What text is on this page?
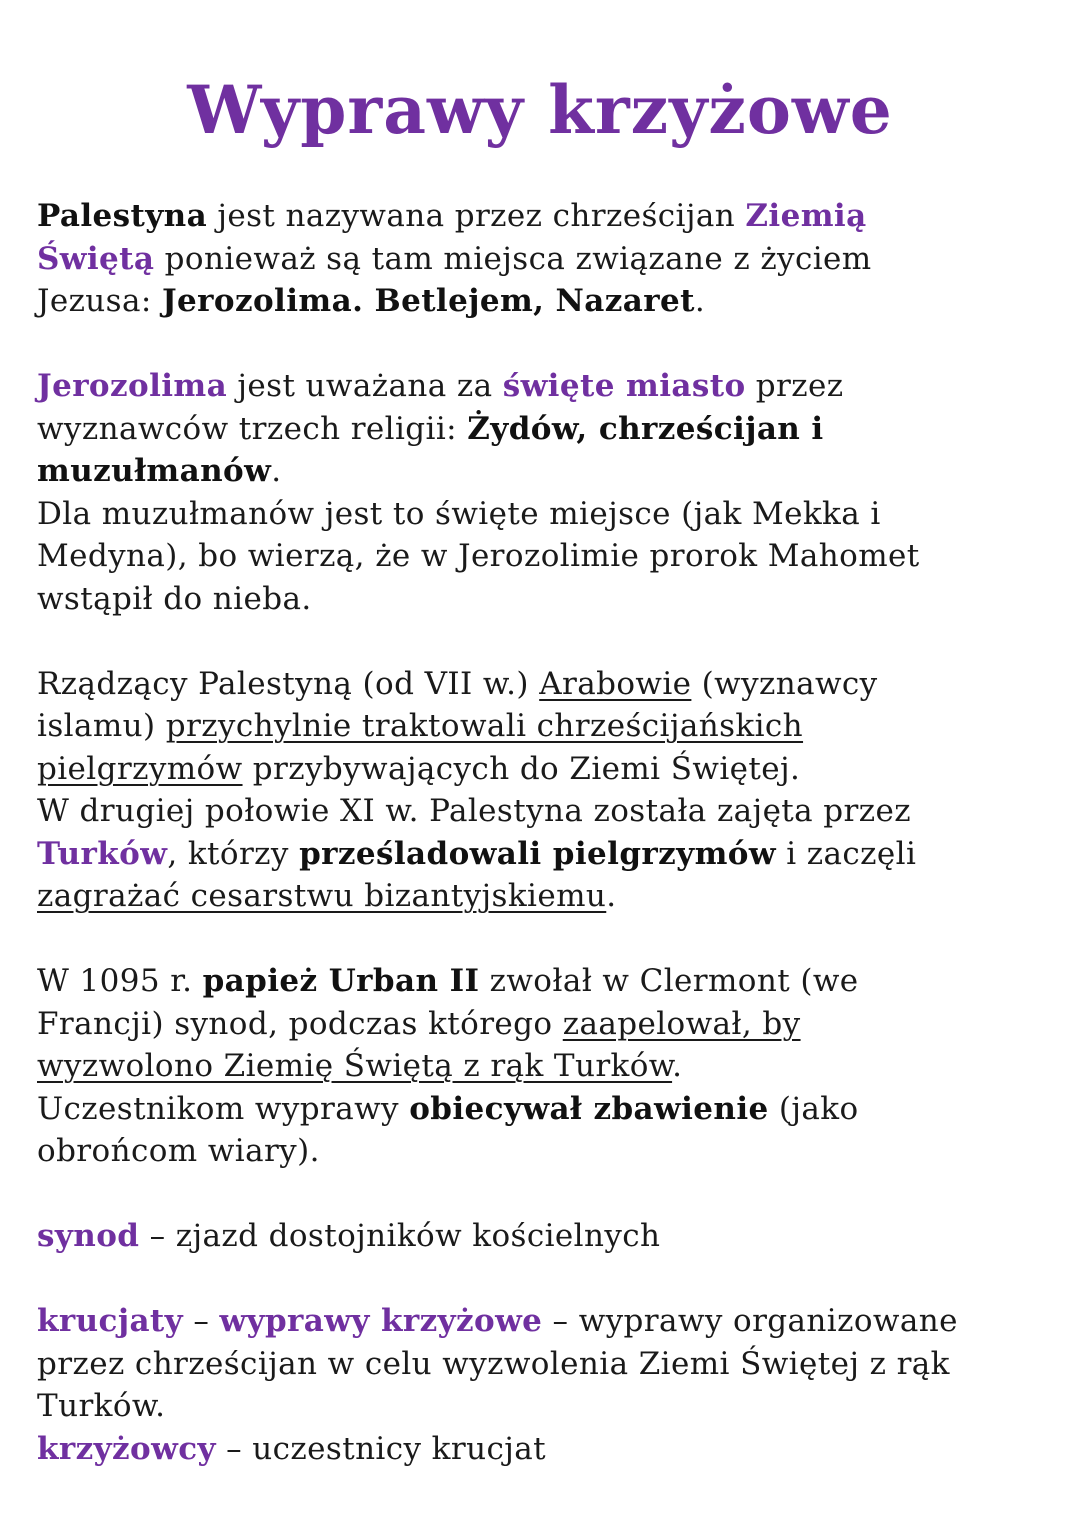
Wyprawy krzyżowe

Palestyna jest nazywana przez chrześcijan Ziemią
Świętą ponieważ są tam miejsca związane z życiem
Jezusa: Jerozolima. Betlejem, Nazaret.

Jerozolima jest uważana za święte miasto przez
wyznawców trzech religii: Żydów, chrześcijan i
muzułmanów.
Dla muzułmanów jest to święte miejsce (jak Mekka i
Medyna), bo wierzą, że w Jerozolimie prorok Mahomet
wstąpił do nieba.

Rządzący Palestyną (od VII w.) Arabowie (wyznawcy
islamu) przychylnie traktowali chrześcijańskich
pielgrzymów przybywających do Ziemi Świętej.
W drugiej połowie XI w. Palestyna została zajęta przez
Turków, którzy prześladowali pielgrzymów i zaczęli
zagrażać cesarstwu bizantyjskiemu.

W 1095 r. papież Urban II zwołał w Clermont (we
Francji) synod, podczas którego zaapelował, by
wyzwolono Ziemię Świętą z rąk Turków.
Uczestnikom wyprawy obiecywał zbawienie (jako
obrońcom wiary).

synod – zjazd dostojników kościelnych

krucjaty – wyprawy krzyżowe – wyprawy organizowane
przez chrześcijan w celu wyzwolenia Ziemi Świętej z rąk
Turków.
krzyżowcy – uczestnicy krucjat
